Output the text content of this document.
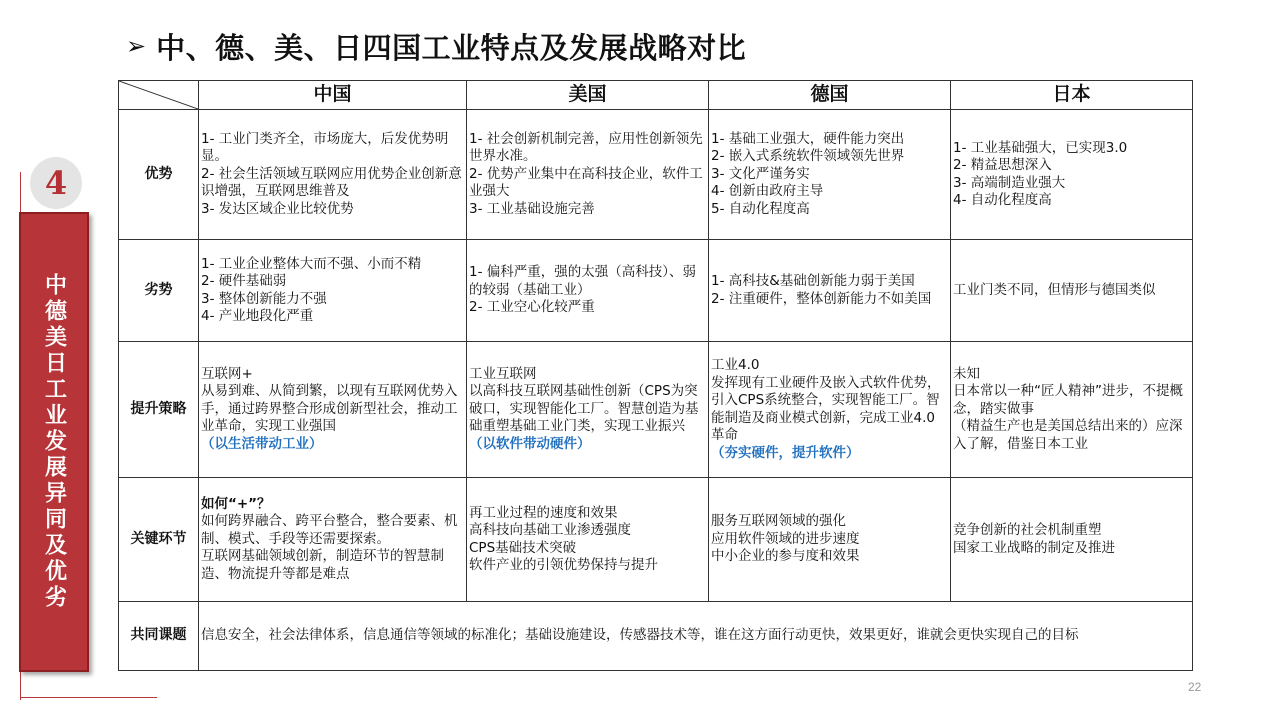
➢ 中、德、美、日四国工业特点及发展战略对比
4
中德美日工业发展异同及优劣
	中国	美国	德国	日本
优势	1- 工业门类齐全，市场庞大，后发优势明显。
2- 社会生活领域互联网应用优势企业创新意识增强，互联网思维普及
3- 发达区域企业比较优势	1- 社会创新机制完善，应用性创新领先世界水准。
2- 优势产业集中在高科技企业，软件工业强大
3- 工业基础设施完善	1- 基础工业强大，硬件能力突出
2- 嵌入式系统软件领域领先世界
3- 文化严谨务实
4- 创新由政府主导
5- 自动化程度高	1- 工业基础强大，已实现3.0
2- 精益思想深入
3- 高端制造业强大
4- 自动化程度高

劣势	1- 工业企业整体大而不强、小而不精
2- 硬件基础弱
3- 整体创新能力不强
4- 产业地段化严重	1- 偏科严重，强的太强（高科技）、弱的较弱（基础工业）
2- 工业空心化较严重	1- 高科技&基础创新能力弱于美国
2- 注重硬件，整体创新能力不如美国	工业门类不同，但情形与德国类似

提升策略	互联网+
从易到难、从简到繁，以现有互联网优势入手，通过跨界整合形成创新型社会，推动工业革命，实现工业强国
（以生活带动工业）	工业互联网
以高科技互联网基础性创新（CPS为突破口，实现智能化工厂。智慧创造为基础重塑基础工业门类，实现工业振兴
（以软件带动硬件）	工业4.0
发挥现有工业硬件及嵌入式软件优势，引入CPS系统整合，实现智能工厂。智能制造及商业模式创新，完成工业4.0革命
（夯实硬件，提升软件）	未知
日本常以一种“匠人精神”进步，不提概念，踏实做事
（精益生产也是美国总结出来的）应深入了解，借鉴日本工业

关键环节	如何“+”？
如何跨界融合、跨平台整合，整合要素、机制、模式、手段等还需要探索。
互联网基础领域创新，制造环节的智慧制造、物流提升等都是难点	再工业过程的速度和效果
高科技向基础工业渗透强度
CPS基础技术突破
软件产业的引领优势保持与提升	服务互联网领域的强化
应用软件领域的进步速度
中小企业的参与度和效果	竞争创新的社会机制重塑
国家工业战略的制定及推进

共同课题	信息安全，社会法律体系，信息通信等领域的标准化；基础设施建设，传感器技术等，谁在这方面行动更快，效果更好，谁就会更快实现自己的目标			
22
